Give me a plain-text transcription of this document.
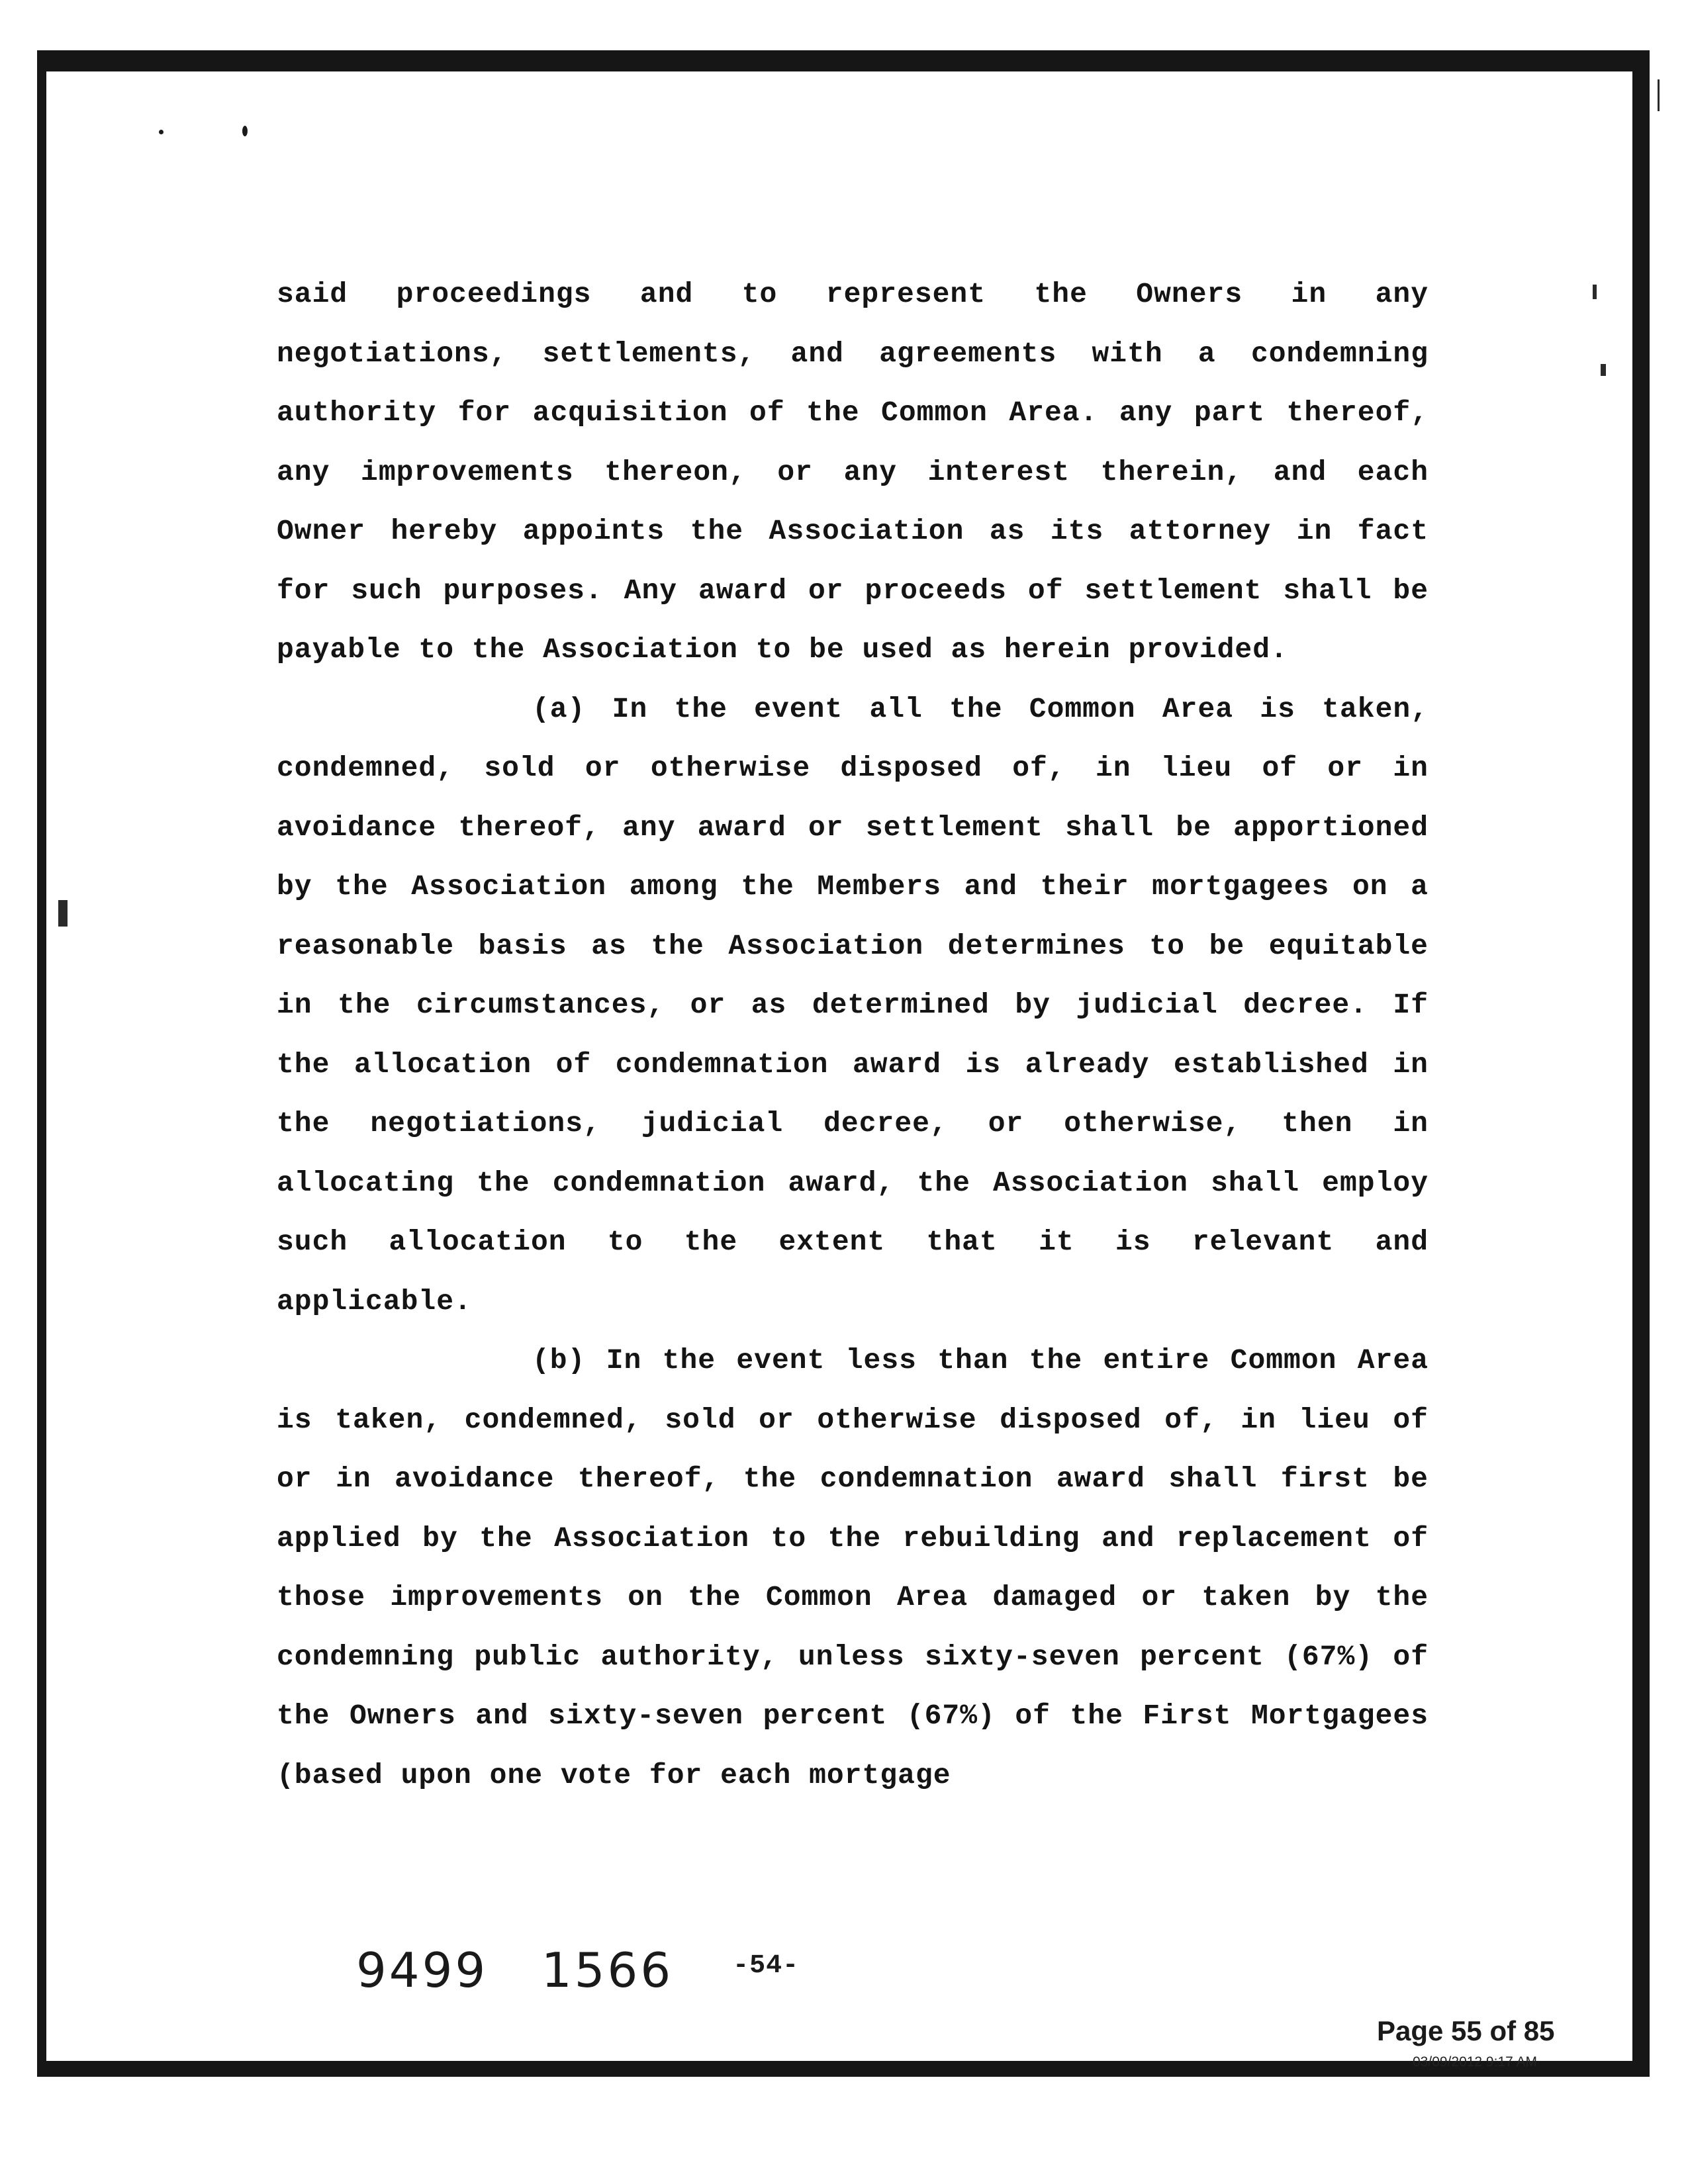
said proceedings and to represent the Owners in any negotiations, settlements, and agreements with a condemning authority for acquisition of the Common Area. any part thereof, any improvements thereon, or any interest therein, and each Owner hereby appoints the Association as its attorney in fact for such purposes. Any award or proceeds of settlement shall be payable to the Association to be used as herein provided.

(a) In the event all the Common Area is taken, condemned, sold or otherwise disposed of, in lieu of or in avoidance thereof, any award or settlement shall be apportioned by the Association among the Members and their mortgagees on a reasonable basis as the Association determines to be equitable in the circumstances, or as determined by judicial decree. If the allocation of condemnation award is already established in the negotiations, judicial decree, or otherwise, then in allocating the condemnation award, the Association shall employ such allocation to the extent that it is relevant and applicable.

(b) In the event less than the entire Common Area is taken, condemned, sold or otherwise disposed of, in lieu of or in avoidance thereof, the condemnation award shall first be applied by the Association to the rebuilding and replacement of those improvements on the Common Area damaged or taken by the condemning public authority, unless sixty-seven percent (67%) of the Owners and sixty-seven percent (67%) of the First Mortgagees (based upon one vote for each mortgage

9499 1566 $^{-54-}$
Page 55 of 85
03/09/2012 9:17 AM
